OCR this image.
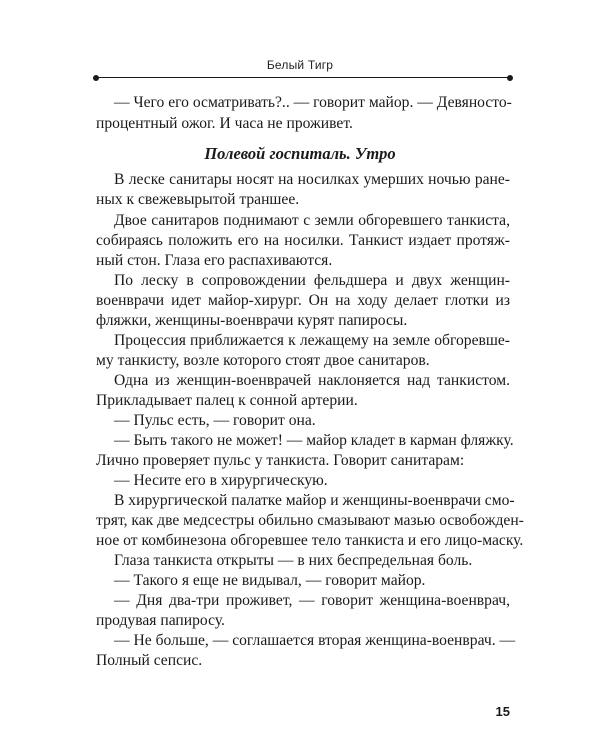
Белый Тигр
— Чего его осматривать?.. — говорит майор. — Девяносто-
процентный ожог. И часа не проживет.
Полевой госпиталь. Утро
В леске санитары носят на носилках умерших ночью ране-
ных к свежевырытой траншее.
Двое санитаров поднимают с земли обгоревшего танкиста,
собираясь положить его на носилки. Танкист издает протяж-
ный стон. Глаза его распахиваются.
По леску в сопровождении фельдшера и двух женщин-
военврачи идет майор-хирург. Он на ходу делает глотки из
фляжки, женщины-военврачи курят папиросы.
Процессия приближается к лежащему на земле обгоревше-
му танкисту, возле которого стоят двое санитаров.
Одна из женщин-военврачей наклоняется над танкистом.
Прикладывает палец к сонной артерии.
— Пульс есть, — говорит она.
— Быть такого не может! — майор кладет в карман фляжку.
Лично проверяет пульс у танкиста. Говорит санитарам:
— Несите его в хирургическую.
В хирургической палатке майор и женщины-военврачи смо-
трят, как две медсестры обильно смазывают мазью освобожден-
ное от комбинезона обгоревшее тело танкиста и его лицо-маску.
Глаза танкиста открыты — в них беспредельная боль.
— Такого я еще не видывал, — говорит майор.
— Дня два-три проживет, — говорит женщина-военврач,
продувая папиросу.
— Не больше, — соглашается вторая женщина-военврач. —
Полный сепсис.
15
